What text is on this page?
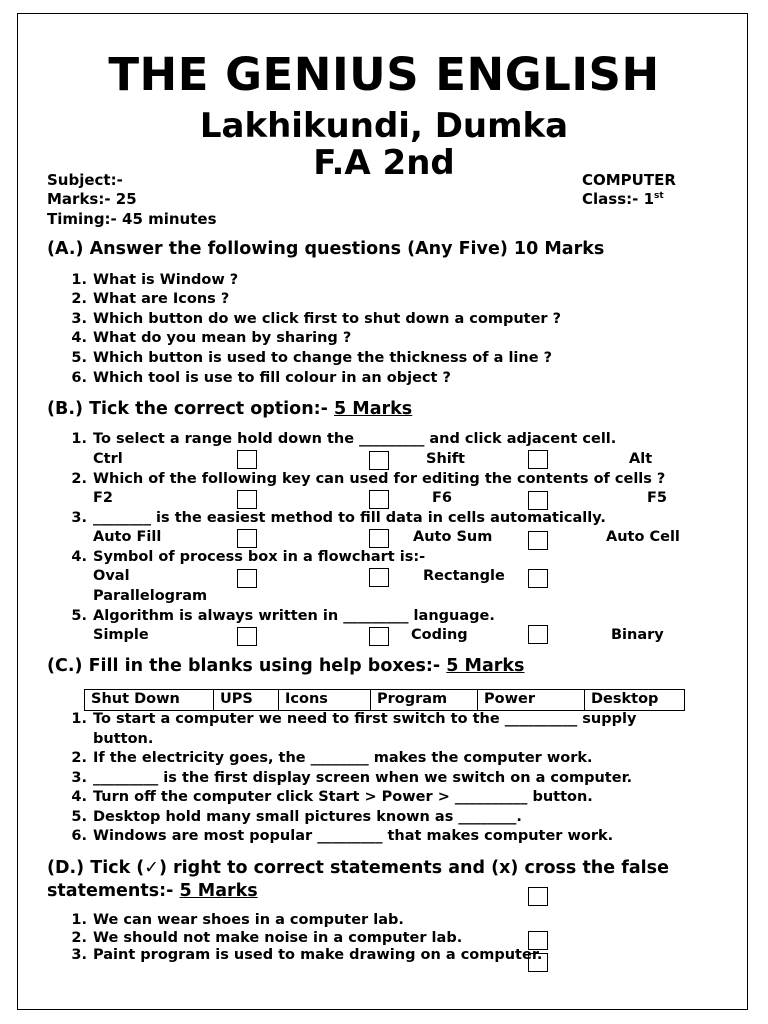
THE GENIUS ENGLISH
Lakhikundi, Dumka
F.A 2nd
Subject:-	COMPUTER
Marks:- 25	Class:- 1st
Timing:- 45 minutes
(A.) Answer the following questions (Any Five) 10 Marks
1. What is Window ?
2. What are Icons ?
3. Which button do we click first to shut down a computer ?
4. What do you mean by sharing ?
5. Which button is used to change the thickness of a line ?
6. Which tool is use to fill colour in an object ?
(B.) Tick the correct option:- 5 Marks
1. To select a range hold down the _________ and click adjacent cell.
Ctrl	Shift	Alt
2. Which of the following key can used for editing the contents of cells ?
F2	F6	F5
3. ________ is the easiest method to fill data in cells automatically.
Auto Fill	Auto Sum	Auto Cell
4. Symbol of process box in a flowchart is:-
Oval	Rectangle
Parallelogram
5. Algorithm is always written in _________ language.
Simple	Coding	Binary
(C.) Fill in the blanks using help boxes:- 5 Marks
Shut Down	UPS	Icons	Program	Power	Desktop
1. To start a computer we need to first switch to the __________ supply
button.
2. If the electricity goes, the ________ makes the computer work.
3. _________ is the first display screen when we switch on a computer.
4. Turn off the computer click Start > Power > __________ button.
5. Desktop hold many small pictures known as ________.
6. Windows are most popular _________ that makes computer work.
(D.) Tick (✓) right to correct statements and (x) cross the false
statements:- 5 Marks
1. We can wear shoes in a computer lab.
2. We should not make noise in a computer lab.
3. Paint program is used to make drawing on a computer.
